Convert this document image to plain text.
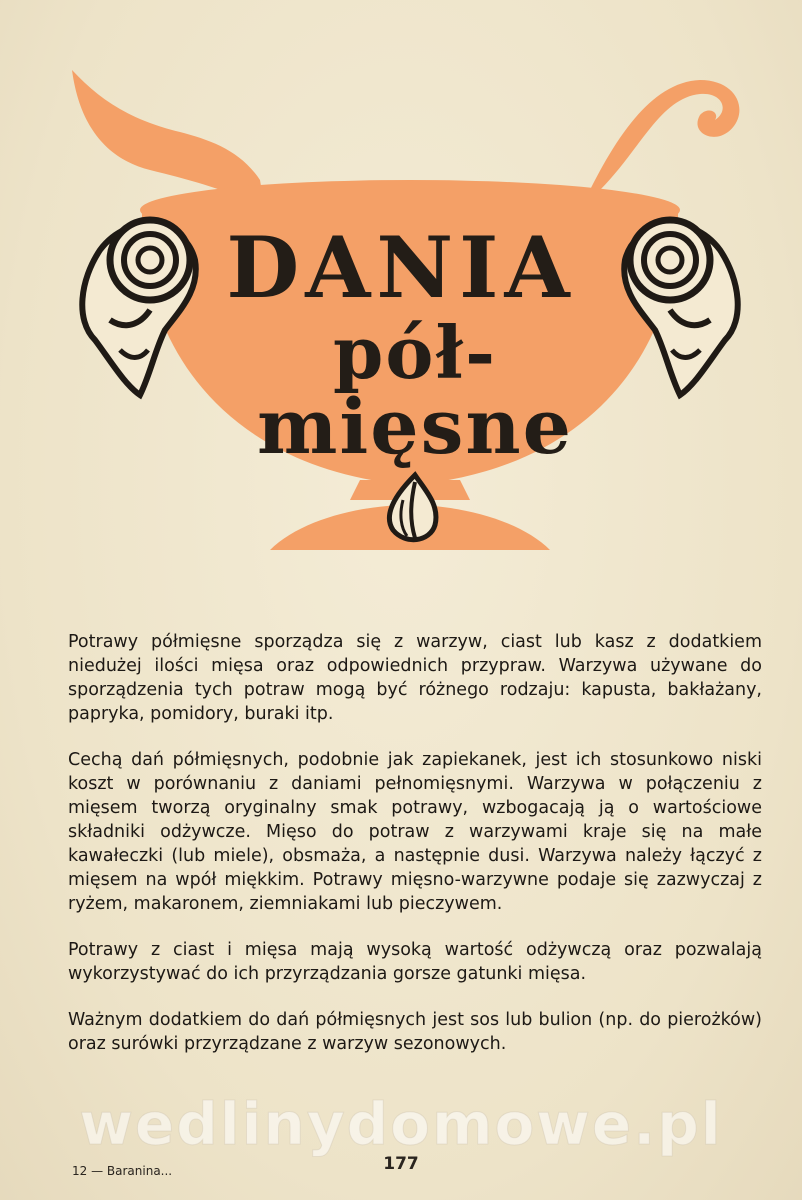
DANIA
pół-
mięsne

Potrawy półmięsne sporządza się z warzyw, ciast lub kasz z dodatkiem niedużej ilości mięsa oraz odpowiednich przypraw. Warzywa używane do sporządzenia tych potraw mogą być różnego rodzaju: kapusta, bakłażany, papryka, pomidory, buraki itp.

Cechą dań półmięsnych, podobnie jak zapiekanek, jest ich stosunkowo niski koszt w porównaniu z daniami pełnomięsnymi. Warzywa w połączeniu z mięsem tworzą oryginalny smak potrawy, wzbogacają ją o wartościowe składniki odżywcze. Mięso do potraw z warzywami kraje się na małe kawałeczki (lub miele), obsmaża, a następnie dusi. Warzywa należy łączyć z mięsem na wpół miękkim. Potrawy mięsno-warzywne podaje się zazwyczaj z ryżem, makaronem, ziemniakami lub pieczywem.

Potrawy z ciast i mięsa mają wysoką wartość odżywczą oraz pozwalają wykorzystywać do ich przyrządzania gorsze gatunki mięsa.

Ważnym dodatkiem do dań półmięsnych jest sos lub bulion (np. do pierożków) oraz surówki przyrządzane z warzyw sezonowych.

wedlinydomowe.pl
12 — Baranina...	177
